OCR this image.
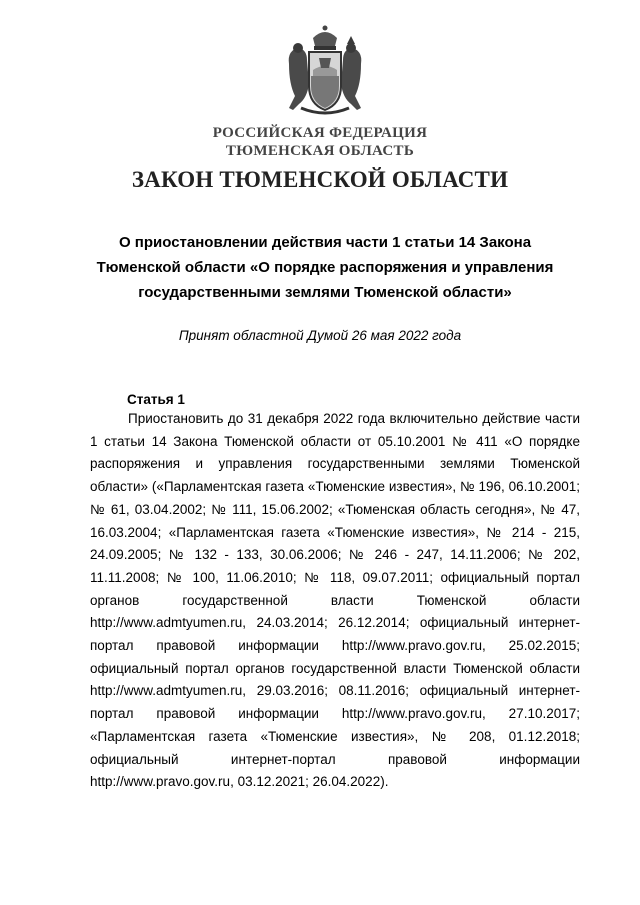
РОССИЙСКАЯ ФЕДЕРАЦИЯ
ТЮМЕНСКАЯ ОБЛАСТЬ
ЗАКОН ТЮМЕНСКОЙ ОБЛАСТИ
О приостановлении действия части 1 статьи 14 Закона Тюменской области «О порядке распоряжения и управления государственными землями Тюменской области»
Принят областной Думой 26 мая 2022 года
Статья 1

Приостановить до 31 декабря 2022 года включительно действие части 1 статьи 14 Закона Тюменской области от 05.10.2001 № 411 «О порядке распоряжения и управления государственными землями Тюменской области» («Парламентская газета «Тюменские известия», № 196, 06.10.2001; № 61, 03.04.2002; № 111, 15.06.2002; «Тюменская область сегодня», № 47, 16.03.2004; «Парламентская газета «Тюменские известия», № 214 - 215, 24.09.2005; № 132 - 133, 30.06.2006; № 246 - 247, 14.11.2006; № 202, 11.11.2008; № 100, 11.06.2010; № 118, 09.07.2011; официальный портал органов государственной власти Тюменской области http://www.admtyumen.ru, 24.03.2014; 26.12.2014; официальный интернет-портал правовой информации http://www.pravo.gov.ru, 25.02.2015; официальный портал органов государственной власти Тюменской области http://www.admtyumen.ru, 29.03.2016; 08.11.2016; официальный интернет-портал правовой информации http://www.pravo.gov.ru, 27.10.2017; «Парламентская газета «Тюменские известия», № 208, 01.12.2018; официальный интернет-портал правовой информации http://www.pravo.gov.ru, 03.12.2021; 26.04.2022).
